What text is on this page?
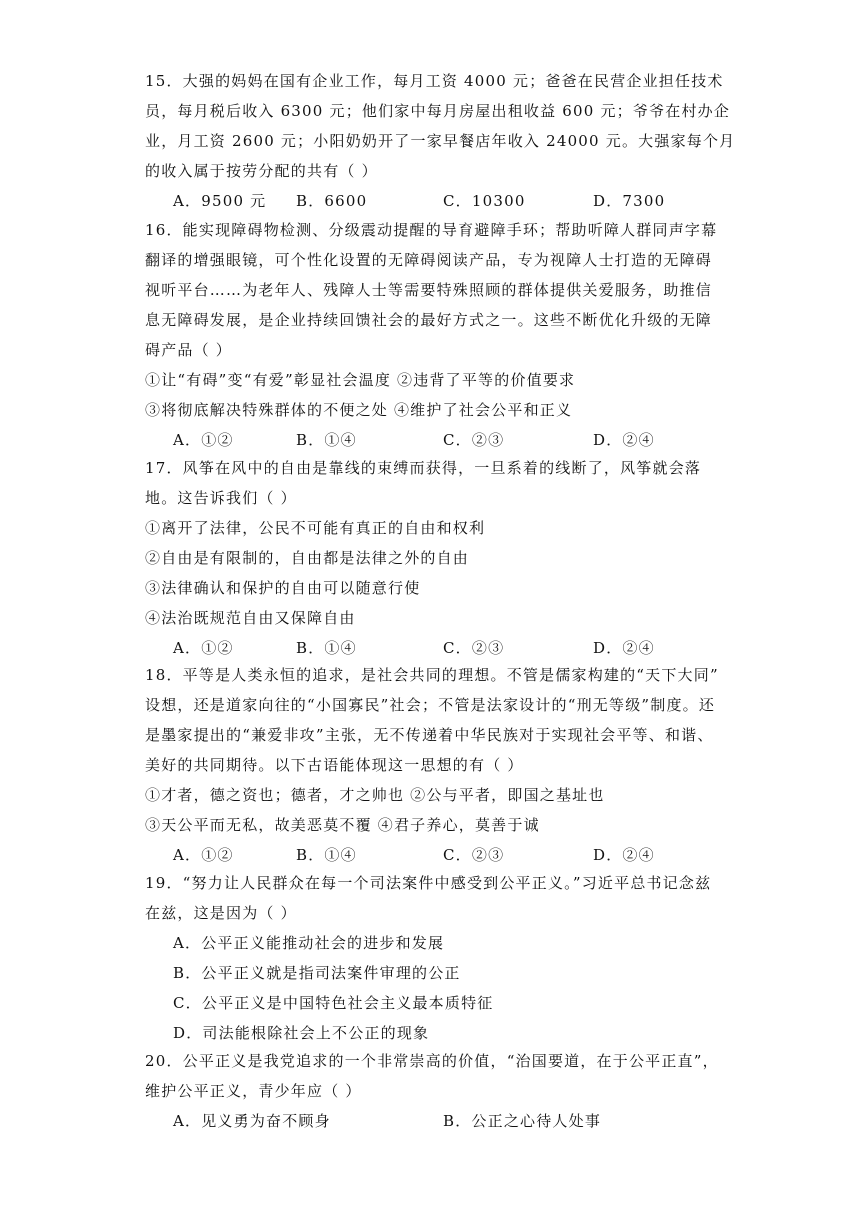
15．大强的妈妈在国有企业工作，每月工资 4000 元；爸爸在民营企业担任技术
员，每月税后收入 6300 元；他们家中每月房屋出租收益 600 元；爷爷在村办企
业，月工资 2600 元；小阳奶奶开了一家早餐店年收入 24000 元。大强家每个月
的收入属于按劳分配的共有（ ）
A．9500 元 B．6600	C．10300	D．7300
16．能实现障碍物检测、分级震动提醒的导育避障手环；帮助听障人群同声字幕
翻译的增强眼镜，可个性化设置的无障碍阅读产品，专为视障人士打造的无障碍
视听平台……为老年人、残障人士等需要特殊照顾的群体提供关爱服务，助推信
息无障碍发展，是企业持续回馈社会的最好方式之一。这些不断优化升级的无障
碍产品（ ）
①让“有碍”变“有爱”彰显社会温度 ②违背了平等的价值要求
③将彻底解决特殊群体的不便之处 ④维护了社会公平和正义
A．①②	B．①④	C．②③	D．②④
17．风筝在风中的自由是靠线的束缚而获得，一旦系着的线断了，风筝就会落
地。这告诉我们（ ）
①离开了法律，公民不可能有真正的自由和权利
②自由是有限制的，自由都是法律之外的自由
③法律确认和保护的自由可以随意行使
④法治既规范自由又保障自由
A．①②	B．①④	C．②③	D．②④
18．平等是人类永恒的追求，是社会共同的理想。不管是儒家构建的“天下大同”
设想，还是道家向往的“小国寡民”社会；不管是法家设计的“刑无等级”制度。还
是墨家提出的“兼爱非攻”主张，无不传递着中华民族对于实现社会平等、和谐、
美好的共同期待。以下古语能体现这一思想的有（ ）
①才者，德之资也；德者，才之帅也 ②公与平者，即国之基址也
③天公平而无私，故美恶莫不覆 ④君子养心，莫善于诚
A．①②	B．①④	C．②③	D．②④
19．“努力让人民群众在每一个司法案件中感受到公平正义。”习近平总书记念兹
在兹，这是因为（ ）
A．公平正义能推动社会的进步和发展
B．公平正义就是指司法案件审理的公正
C．公平正义是中国特色社会主义最本质特征
D．司法能根除社会上不公正的现象
20．公平正义是我党追求的一个非常崇高的价值，“治国要道，在于公平正直”，
维护公平正义，青少年应（ ）
A．见义勇为奋不顾身	B．公正之心待人处事
